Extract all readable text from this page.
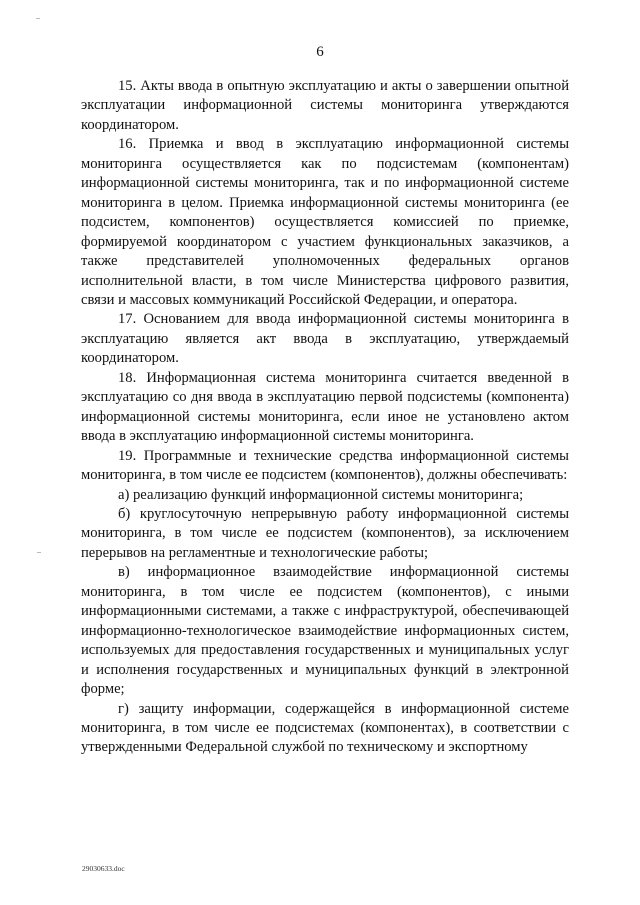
6

15. Акты ввода в опытную эксплуатацию и акты о завершении опытной эксплуатации информационной системы мониторинга утверждаются координатором.

16. Приемка и ввод в эксплуатацию информационной системы мониторинга осуществляется как по подсистемам (компонентам) информационной системы мониторинга, так и по информационной системе мониторинга в целом. Приемка информационной системы мониторинга (ее подсистем, компонентов) осуществляется комиссией по приемке, формируемой координатором с участием функциональных заказчиков, а также представителей уполномоченных федеральных органов исполнительной власти, в том числе Министерства цифрового развития, связи и массовых коммуникаций Российской Федерации, и оператора.

17. Основанием для ввода информационной системы мониторинга в эксплуатацию является акт ввода в эксплуатацию, утверждаемый координатором.

18. Информационная система мониторинга считается введенной в эксплуатацию со дня ввода в эксплуатацию первой подсистемы (компонента) информационной системы мониторинга, если иное не установлено актом ввода в эксплуатацию информационной системы мониторинга.

19. Программные и технические средства информационной системы мониторинга, в том числе ее подсистем (компонентов), должны обеспечивать:

а) реализацию функций информационной системы мониторинга;

б) круглосуточную непрерывную работу информационной системы мониторинга, в том числе ее подсистем (компонентов), за исключением перерывов на регламентные и технологические работы;

в) информационное взаимодействие информационной системы мониторинга, в том числе ее подсистем (компонентов), с иными информационными системами, а также с инфраструктурой, обеспечивающей информационно-технологическое взаимодействие информационных систем, используемых для предоставления государственных и муниципальных услуг и исполнения государственных и муниципальных функций в электронной форме;

г) защиту информации, содержащейся в информационной системе мониторинга, в том числе ее подсистемах (компонентах), в соответствии с утвержденными Федеральной службой по техническому и экспортному

29030633.doc
